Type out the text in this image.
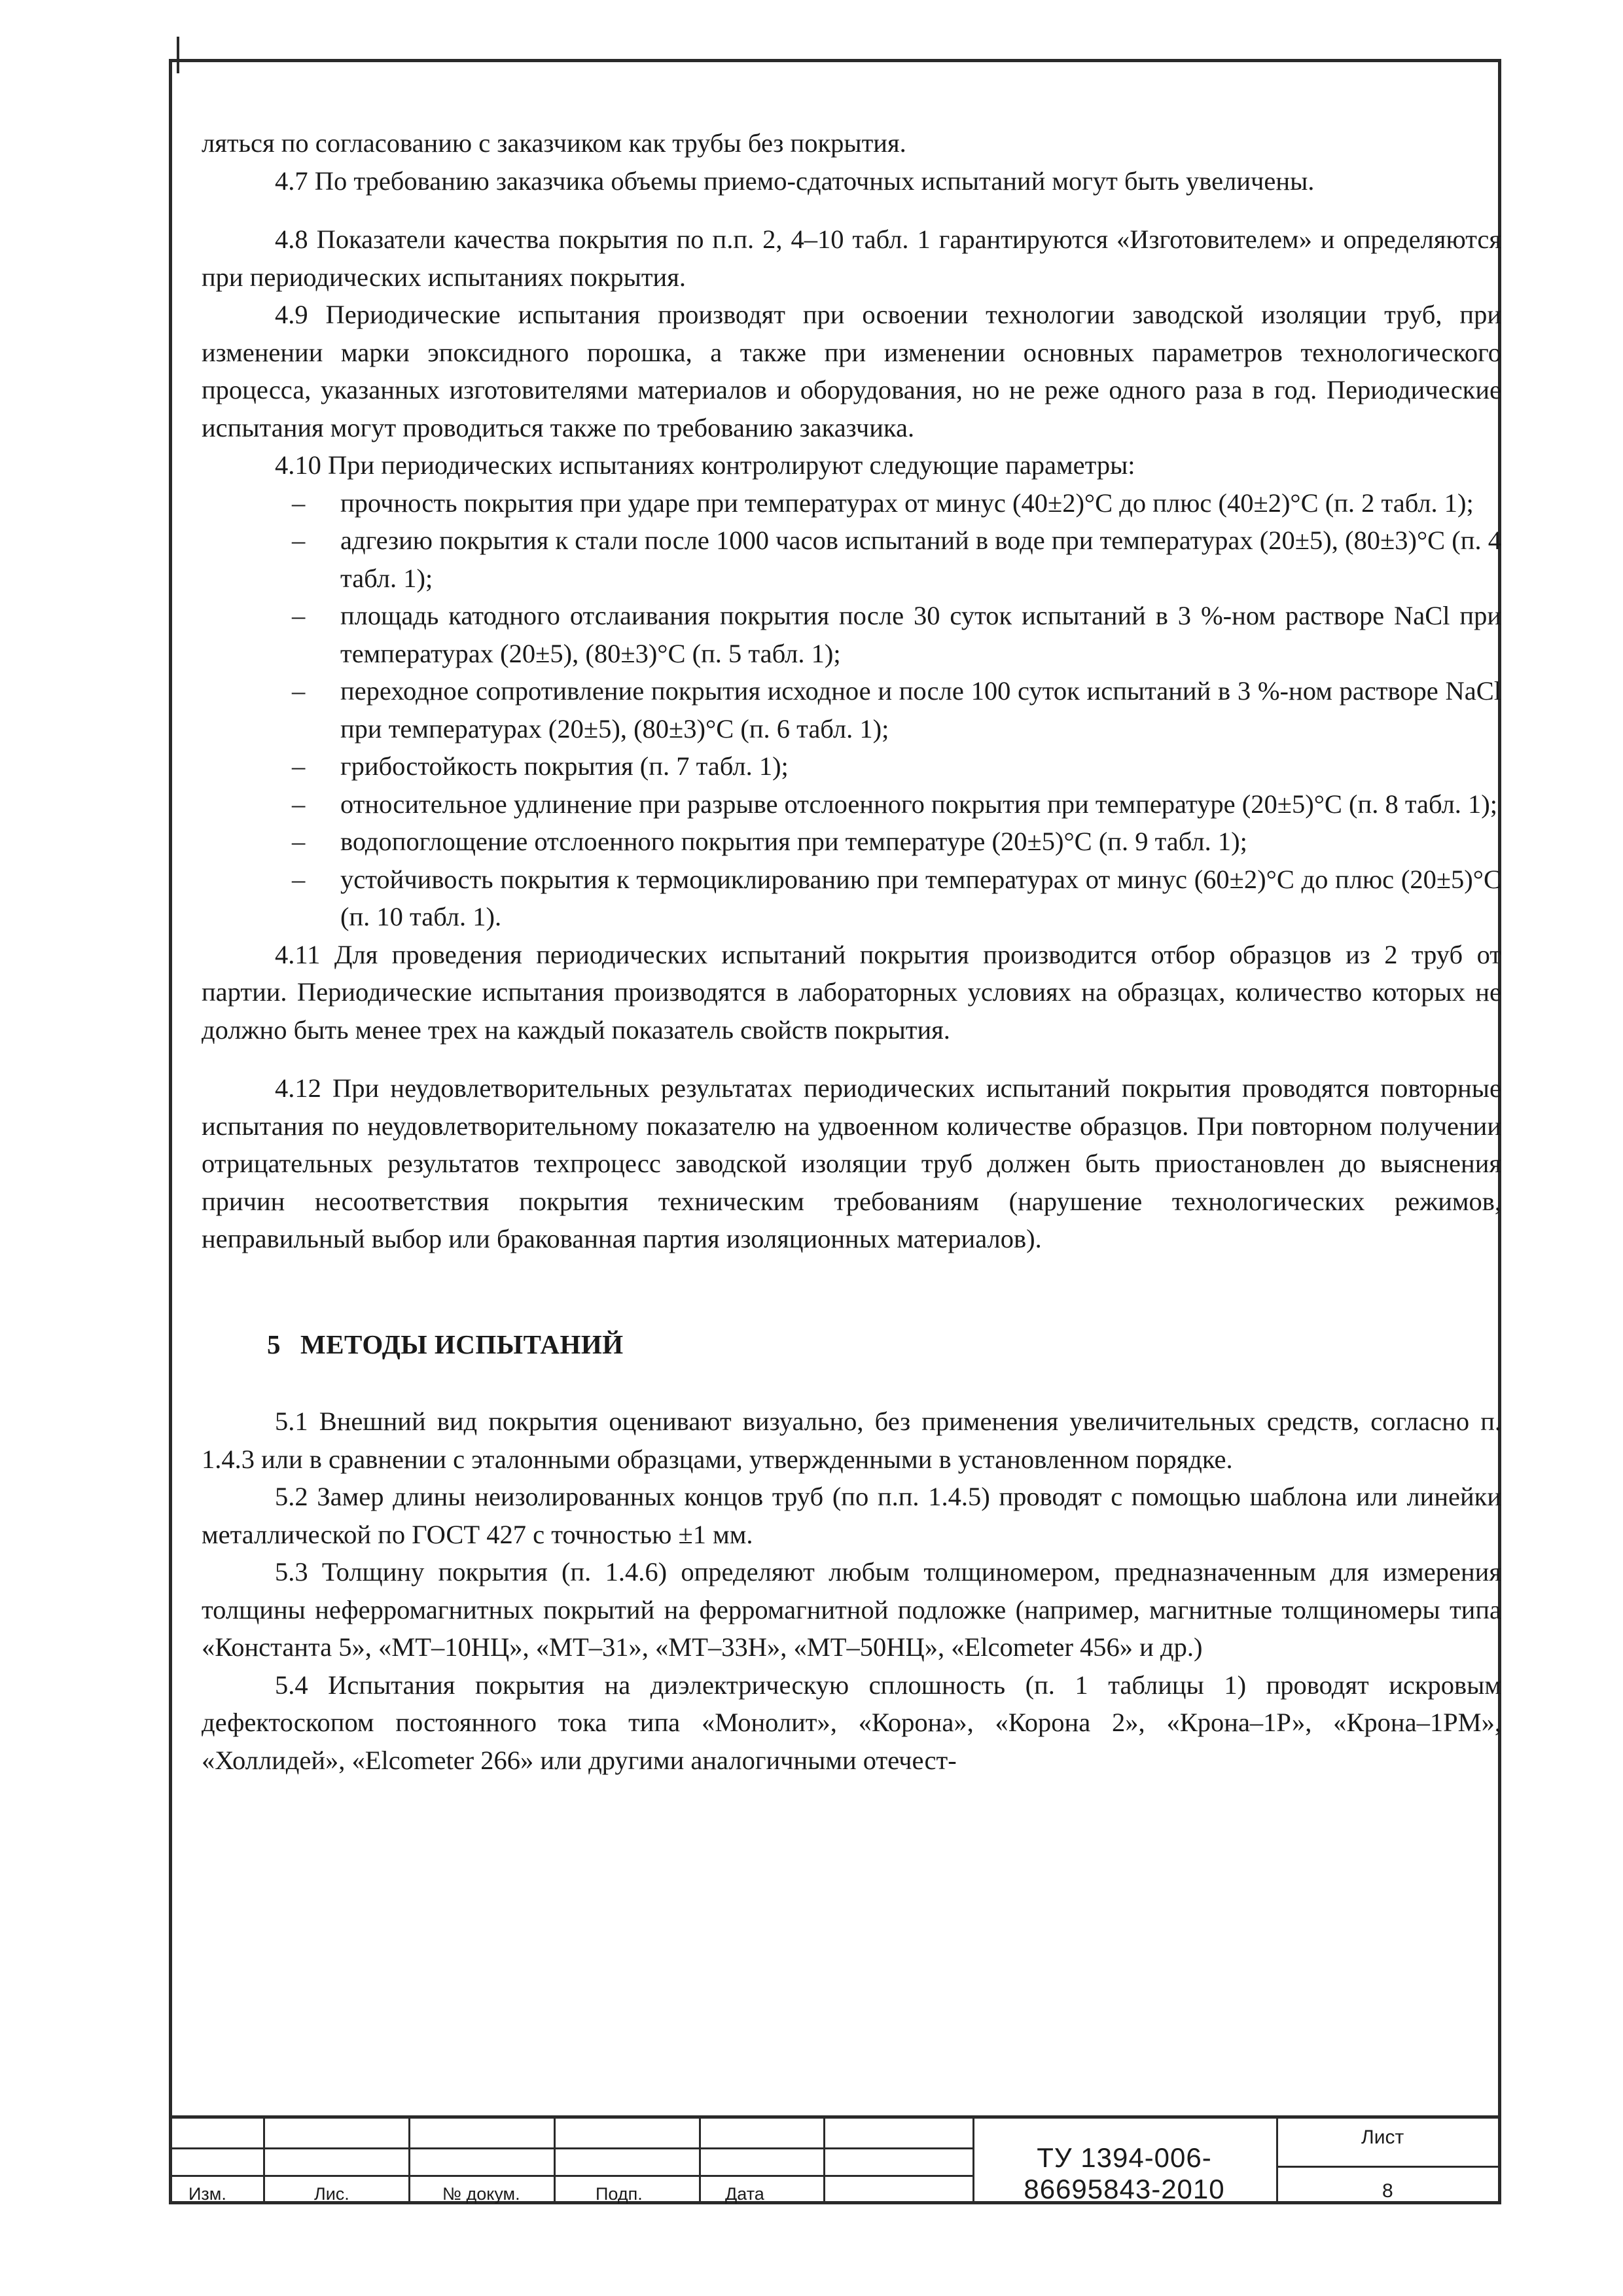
ляться по согласованию с заказчиком как трубы без покрытия.

4.7 По требованию заказчика объемы приемо-сдаточных испытаний могут быть увеличены.

4.8 Показатели качества покрытия по п.п. 2, 4–10 табл. 1 гарантируются «Изготовителем» и определяются при периодических испытаниях покрытия.

4.9 Периодические испытания производят при освоении технологии заводской изоляции труб, при изменении марки эпоксидного порошка, а также при изменении основных параметров технологического процесса, указанных изготовителями материалов и оборудования, но не реже одного раза в год. Периодические испытания могут проводиться также по требованию заказчика.

4.10 При периодических испытаниях контролируют следующие параметры:

– прочность покрытия при ударе при температурах от минус (40±2)°С до плюс (40±2)°С (п. 2 табл. 1);
– адгезию покрытия к стали после 1000 часов испытаний в воде при температурах (20±5), (80±3)°С (п. 4 табл. 1);
– площадь катодного отслаивания покрытия после 30 суток испытаний в 3 %-ном растворе NaCl при температурах (20±5), (80±3)°С (п. 5 табл. 1);
– переходное сопротивление покрытия исходное и после 100 суток испытаний в 3 %-ном растворе NaCl при температурах (20±5), (80±3)°С (п. 6 табл. 1);
– грибостойкость покрытия (п. 7 табл. 1);
– относительное удлинение при разрыве отслоенного покрытия при температуре (20±5)°С (п. 8 табл. 1);
– водопоглощение отслоенного покрытия при температуре (20±5)°С (п. 9 табл. 1);
– устойчивость покрытия к термоциклированию при температурах от минус (60±2)°С до плюс (20±5)°С (п. 10 табл. 1).

4.11 Для проведения периодических испытаний покрытия производится отбор образцов из 2 труб от партии. Периодические испытания производятся в лабораторных условиях на образцах, количество которых не должно быть менее трех на каждый показатель свойств покрытия.

4.12 При неудовлетворительных результатах периодических испытаний покрытия проводятся повторные испытания по неудовлетворительному показателю на удвоенном количестве образцов. При повторном получении отрицательных результатов техпроцесс заводской изоляции труб должен быть приостановлен до выяснения причин несоответствия покрытия техническим требованиям (нарушение технологических режимов, неправильный выбор или бракованная партия изоляционных материалов).

5 МЕТОДЫ ИСПЫТАНИЙ

5.1 Внешний вид покрытия оценивают визуально, без применения увеличительных средств, согласно п. 1.4.3 или в сравнении с эталонными образцами, утвержденными в установленном порядке.

5.2 Замер длины неизолированных концов труб (по п.п. 1.4.5) проводят с помощью шаблона или линейки металлической по ГОСТ 427 с точностью ±1 мм.

5.3 Толщину покрытия (п. 1.4.6) определяют любым толщиномером, предназначенным для измерения толщины неферромагнитных покрытий на ферромагнитной подложке (например, магнитные толщиномеры типа «Константа 5», «МТ–10НЦ», «МТ–31», «МТ–33Н», «МТ–50НЦ», «Elcometer 456» и др.)

5.4 Испытания покрытия на диэлектрическую сплошность (п. 1 таблицы 1) проводят искровым дефектоскопом постоянного тока типа «Монолит», «Корона», «Корона 2», «Крона–1Р», «Крона–1РМ», «Холлидей», «Elcometer 266» или другими аналогичными отечест-

Изм.	Лис.	№ докум.	Подп.	Дата
ТУ 1394-006-86695843-2010
Лист
8
